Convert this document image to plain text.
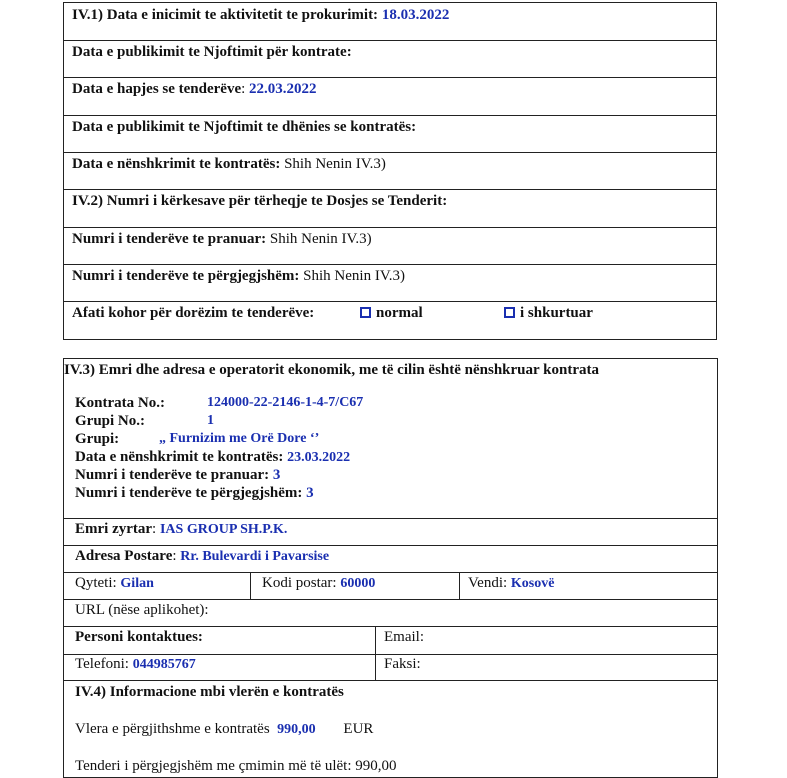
IV.1) Data e inicimit te aktivitetit te prokurimit: 18.03.2022
Data e publikimit te Njoftimit për kontrate:
Data e hapjes se tenderëve: 22.03.2022
Data e publikimit te Njoftimit te dhënies se kontratës:
Data e nënshkrimit te kontratës: Shih Nenin IV.3)
IV.2) Numri i kërkesave për tërheqje te Dosjes se Tenderit:
Numri i tenderëve te pranuar: Shih Nenin IV.3)
Numri i tenderëve te përgjegjshëm: Shih Nenin IV.3)
Afati kohor për dorëzim te tenderëve:	normal	i shkurtuar
IV.3) Emri dhe adresa e operatorit ekonomik, me të cilin është nënshkruar kontrata
Kontrata No.:	124000-22-2146-1-4-7/C67
Grupi No.:	1
Grupi:	„ Furnizim me Orë Dore ‘’
Data e nënshkrimit te kontratës: 23.03.2022
Numri i tenderëve te pranuar: 3
Numri i tenderëve te përgjegjshëm: 3
Emri zyrtar: IAS GROUP SH.P.K.
Adresa Postare: Rr. Bulevardi i Pavarsise
Qyteti: Gilan	Kodi postar: 60000	Vendi: Kosovë
URL (nëse aplikohet):
Personi kontaktues:	Email:
Telefoni: 044985767	Faksi:
IV.4) Informacione mbi vlerën e kontratës
Vlera e përgjithshme e kontratës 990,00 EUR
Tenderi i përgjegjshëm me çmimin më të ulët: 990,00
